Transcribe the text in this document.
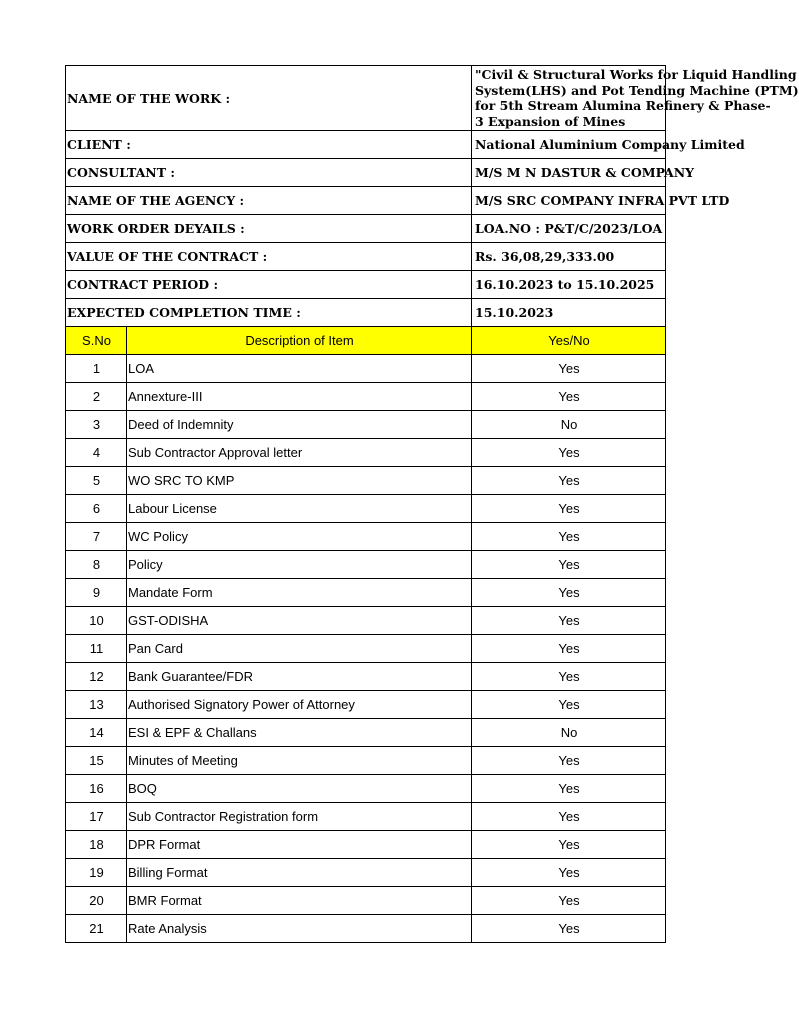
NAME OF THE WORK :		"Civil & Structural Works for Liquid Handling
System(LHS) and Pot Tending Machine (PTM)
for 5th Stream Alumina Refinery & Phase-
3 Expansion of Mines

CLIENT :		National Aluminium Company Limited
CONSULTANT :		M/S M N DASTUR & COMPANY
NAME OF THE AGENCY :		M/S SRC COMPANY INFRA PVT LTD
WORK ORDER DEYAILS :		LOA.NO : P&T/C/2023/LOA
VALUE OF THE CONTRACT :		Rs. 36,08,29,333.00
CONTRACT PERIOD :		16.10.2023 to 15.10.2025
EXPECTED COMPLETION TIME :		15.10.2023
S.No	Description of Item	Yes/No
1	LOA	Yes
2	Annexture-III	Yes
3	Deed of Indemnity	No
4	Sub Contractor Approval letter	Yes
5	WO SRC TO KMP	Yes
6	Labour License	Yes
7	WC Policy	Yes
8	Policy	Yes
9	Mandate Form	Yes
10	GST-ODISHA	Yes
11	Pan Card	Yes
12	Bank Guarantee/FDR	Yes
13	Authorised Signatory Power of Attorney	Yes
14	ESI & EPF & Challans	No
15	Minutes of Meeting	Yes
16	BOQ	Yes
17	Sub Contractor Registration form	Yes
18	DPR Format	Yes
19	Billing Format	Yes
20	BMR Format	Yes
21	Rate Analysis	Yes
